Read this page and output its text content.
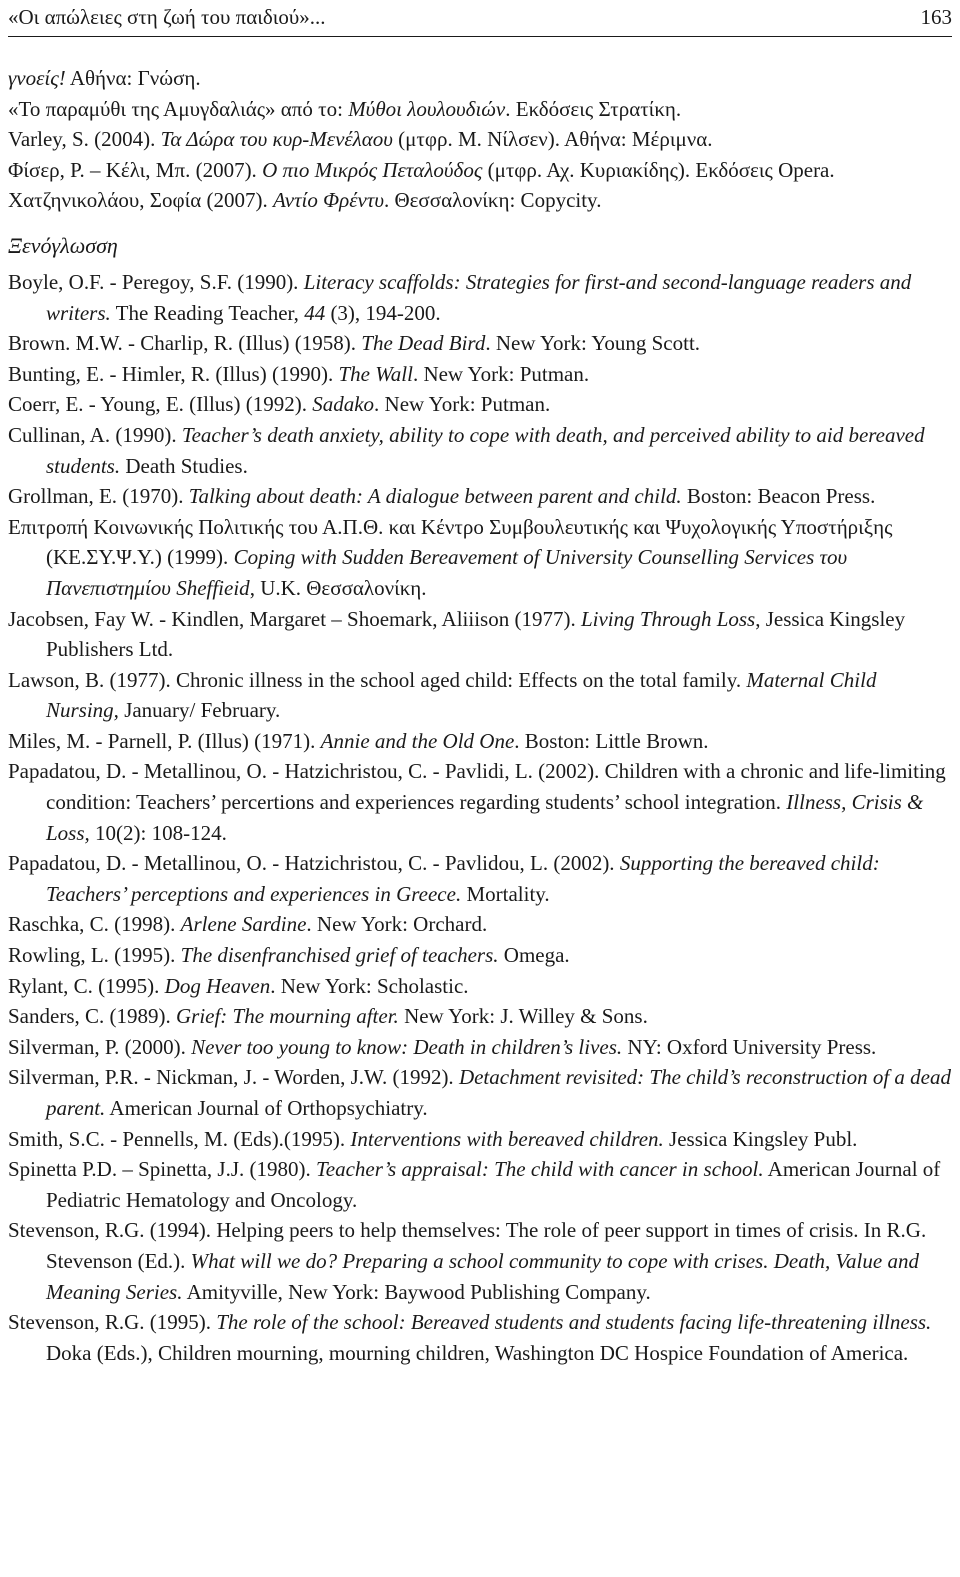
«Οι απώλειες στη ζωή του παιδιού»...	163

γνοείς! Αθήνα: Γνώση.

«Το παραμύθι της Αμυγδαλιάς» από το: Μύθοι λουλουδιών. Εκδόσεις Στρατίκη.

Varley, S. (2004). Τα Δώρα του κυρ-Μενέλαου (μτφρ. Μ. Νίλσεν). Αθήνα: Μέριμνα.

Φίσερ, Ρ. – Κέλι, Μπ. (2007). Ο πιο Μικρός Πεταλούδος (μτφρ. Αχ. Κυριακίδης). Εκδόσεις Opera.

Χατζηνικολάου, Σοφία (2007). Αντίο Φρέντυ. Θεσσαλονίκη: Copycity.

Ξενόγλωσση

Boyle, O.F. - Peregoy, S.F. (1990). Literacy scaffolds: Strategies for first-and second-language readers and writers. The Reading Teacher, 44 (3), 194-200.

Brown. M.W. - Charlip, R. (Illus) (1958). The Dead Bird. New York: Young Scott.

Bunting, E. - Himler, R. (Illus) (1990). The Wall. New York: Putman.

Coerr, E. - Young, E. (Illus) (1992). Sadako. New York: Putman.

Cullinan, A. (1990). Teacher’s death anxiety, ability to cope with death, and perceived ability to aid bereaved students. Death Studies.

Grollman, E. (1970). Talking about death: A dialogue between parent and child. Boston: Beacon Press.

Επιτροπή Κοινωνικής Πολιτικής του Α.Π.Θ. και Κέντρο Συμβουλευτικής και Ψυχολογικής Υποστήριξης (ΚΕ.ΣΥ.Ψ.Υ.) (1999). Coping with Sudden Bereavement of University Counselling Services του Πανεπιστημίου Sheffieid, U.K. Θεσσαλονίκη.

Jacobsen, Fay W. - Kindlen, Margaret – Shoemark, Aliiison (1977). Living Through Loss, Jessica Kingsley Publishers Ltd.

Lawson, B. (1977). Chronic illness in the school aged child: Effects on the total family. Maternal Child Nursing, January/ February.

Miles, M. - Parnell, P. (Illus) (1971). Annie and the Old One. Boston: Little Brown.

Papadatou, D. - Metallinou, O. - Hatzichristou, C. - Pavlidi, L. (2002). Children with a chronic and life-limiting condition: Teachers’ percertions and experiences regarding students’ school integration. Illness, Crisis & Loss, 10(2): 108-124.

Papadatou, D. - Metallinou, O. - Hatzichristou, C. - Pavlidou, L. (2002). Supporting the bereaved child: Teachers’ perceptions and experiences in Greece. Mortality.

Raschka, C. (1998). Arlene Sardine. New York: Orchard.

Rowling, L. (1995). The disenfranchised grief of teachers. Omega.

Rylant, C. (1995). Dog Heaven. New York: Scholastic.

Sanders, C. (1989). Grief: The mourning after. New York: J. Willey & Sons.

Silverman, P. (2000). Never too young to know: Death in children’s lives. NY: Oxford University Press.

Silverman, P.R. - Nickman, J. - Worden, J.W. (1992). Detachment revisited: The child’s reconstruction of a dead parent. American Journal of Orthopsychiatry.

Smith, S.C. - Pennells, M. (Eds).(1995). Interventions with bereaved children. Jessica Kingsley Publ.

Spinetta P.D. – Spinetta, J.J. (1980). Teacher’s appraisal: The child with cancer in school. American Journal of Pediatric Hematology and Oncology.

Stevenson, R.G. (1994). Helping peers to help themselves: The role of peer support in times of crisis. In R.G. Stevenson (Ed.). What will we do? Preparing a school community to cope with crises. Death, Value and Meaning Series. Amityville, New York: Baywood Publishing Company.

Stevenson, R.G. (1995). The role of the school: Bereaved students and students facing life-threatening illness. Doka (Eds.), Children mourning, mourning children, Washington DC Hospice Foundation of America.
